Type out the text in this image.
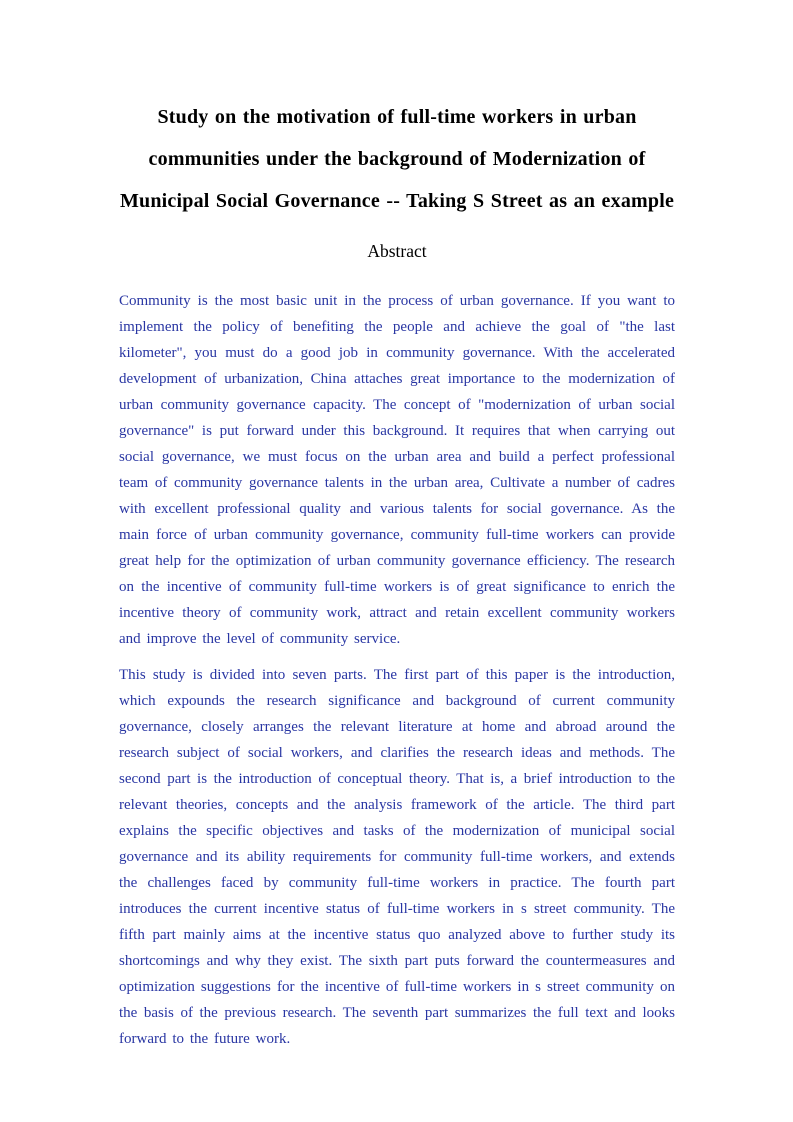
Study on the motivation of full-time workers in urban communities under the background of Modernization of Municipal Social Governance -- Taking S Street as an example
Abstract

Community is the most basic unit in the process of urban governance. If you want to implement the policy of benefiting the people and achieve the goal of "the last kilometer", you must do a good job in community governance. With the accelerated development of urbanization, China attaches great importance to the modernization of urban community governance capacity. The concept of "modernization of urban social governance" is put forward under this background. It requires that when carrying out social governance, we must focus on the urban area and build a perfect professional team of community governance talents in the urban area, Cultivate a number of cadres with excellent professional quality and various talents for social governance. As the main force of urban community governance, community full-time workers can provide great help for the optimization of urban community governance efficiency. The research on the incentive of community full-time workers is of great significance to enrich the incentive theory of community work, attract and retain excellent community workers and improve the level of community service.

This study is divided into seven parts. The first part of this paper is the introduction, which expounds the research significance and background of current community governance, closely arranges the relevant literature at home and abroad around the research subject of social workers, and clarifies the research ideas and methods. The second part is the introduction of conceptual theory. That is, a brief introduction to the relevant theories, concepts and the analysis framework of the article. The third part explains the specific objectives and tasks of the modernization of municipal social governance and its ability requirements for community full-time workers, and extends the challenges faced by community full-time workers in practice. The fourth part introduces the current incentive status of full-time workers in s street community. The fifth part mainly aims at the incentive status quo analyzed above to further study its shortcomings and why they exist. The sixth part puts forward the countermeasures and optimization suggestions for the incentive of full-time workers in s street community on the basis of the previous research. The seventh part summarizes the full text and looks forward to the future work.
